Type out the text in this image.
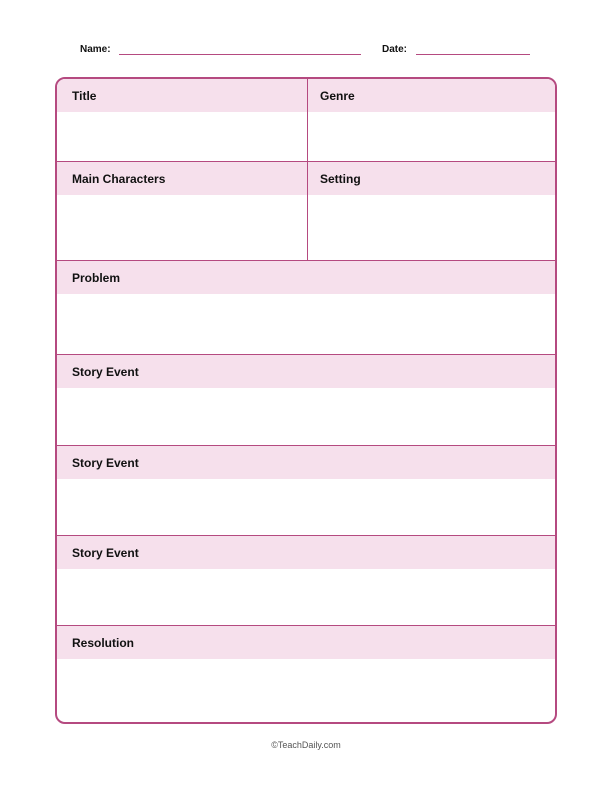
Name:	Date:
Title	Genre
Main Characters	Setting
Problem
Story Event
Story Event
Story Event
Resolution
©TeachDaily.com
